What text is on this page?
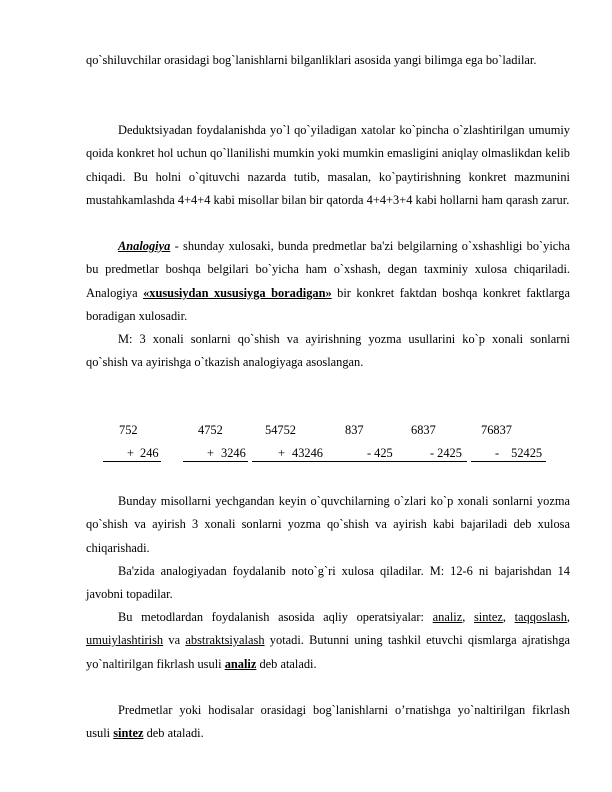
qo`shiluvchilar orasidagi bog`lanishlarni bilganliklari asosida yangi bilimga ega bo`ladilar.

Deduktsiyadan foydalanishda yo`l qo`yiladigan xatolar ko`pincha o`zlashtirilgan umumiy qoida konkret hol uchun qo`llanilishi mumkin yoki mumkin emasligini aniqlay olmaslikdan kelib chiqadi. Bu holni o`qituvchi nazarda tutib, masalan, ko`paytirishning konkret mazmunini mustahkamlashda 4+4+4 kabi misollar bilan bir qatorda 4+4+3+4 kabi hollarni ham qarash zarur.

Analogiya - shunday xulosaki, bunda predmetlar ba'zi belgilarning o`xshashligi bo`yicha bu predmetlar boshqa belgilari bo`yicha ham o`xshash, degan taxminiy xulosa chiqariladi. Analogiya «xususiydan xususiyga boradigan» bir konkret faktdan boshqa konkret faktlarga boradigan xulosadir.

M: 3 xonali sonlarni qo`shish va ayirishning yozma usullarini ko`p xonali sonlarni qo`shish va ayirishga o`tkazish analogiyaga asoslangan.

752	4752	54752	837	6837	76837
+ 246	+ 3246	+ 43246	- 425	- 2425	- 52425

Bunday misollarni yechgandan keyin o`quvchilarning o`zlari ko`p xonali sonlarni yozma qo`shish va ayirish 3 xonali sonlarni yozma qo`shish va ayirish kabi bajariladi deb xulosa chiqarishadi.

Ba'zida analogiyadan foydalanib noto`g`ri xulosa qiladilar. M: 12-6 ni bajarishdan 14 javobni topadilar.

Bu metodlardan foydalanish asosida aqliy operatsiyalar: analiz, sintez, taqqoslash, umuiylashtirish va abstraktsiyalash yotadi. Butunni uning tashkil etuvchi qismlarga ajratishga yo`naltirilgan fikrlash usuli analiz deb ataladi.

Predmetlar yoki hodisalar orasidagi bog`lanishlarni o’rnatishga yo`naltirilgan fikrlash usuli sintez deb ataladi.
